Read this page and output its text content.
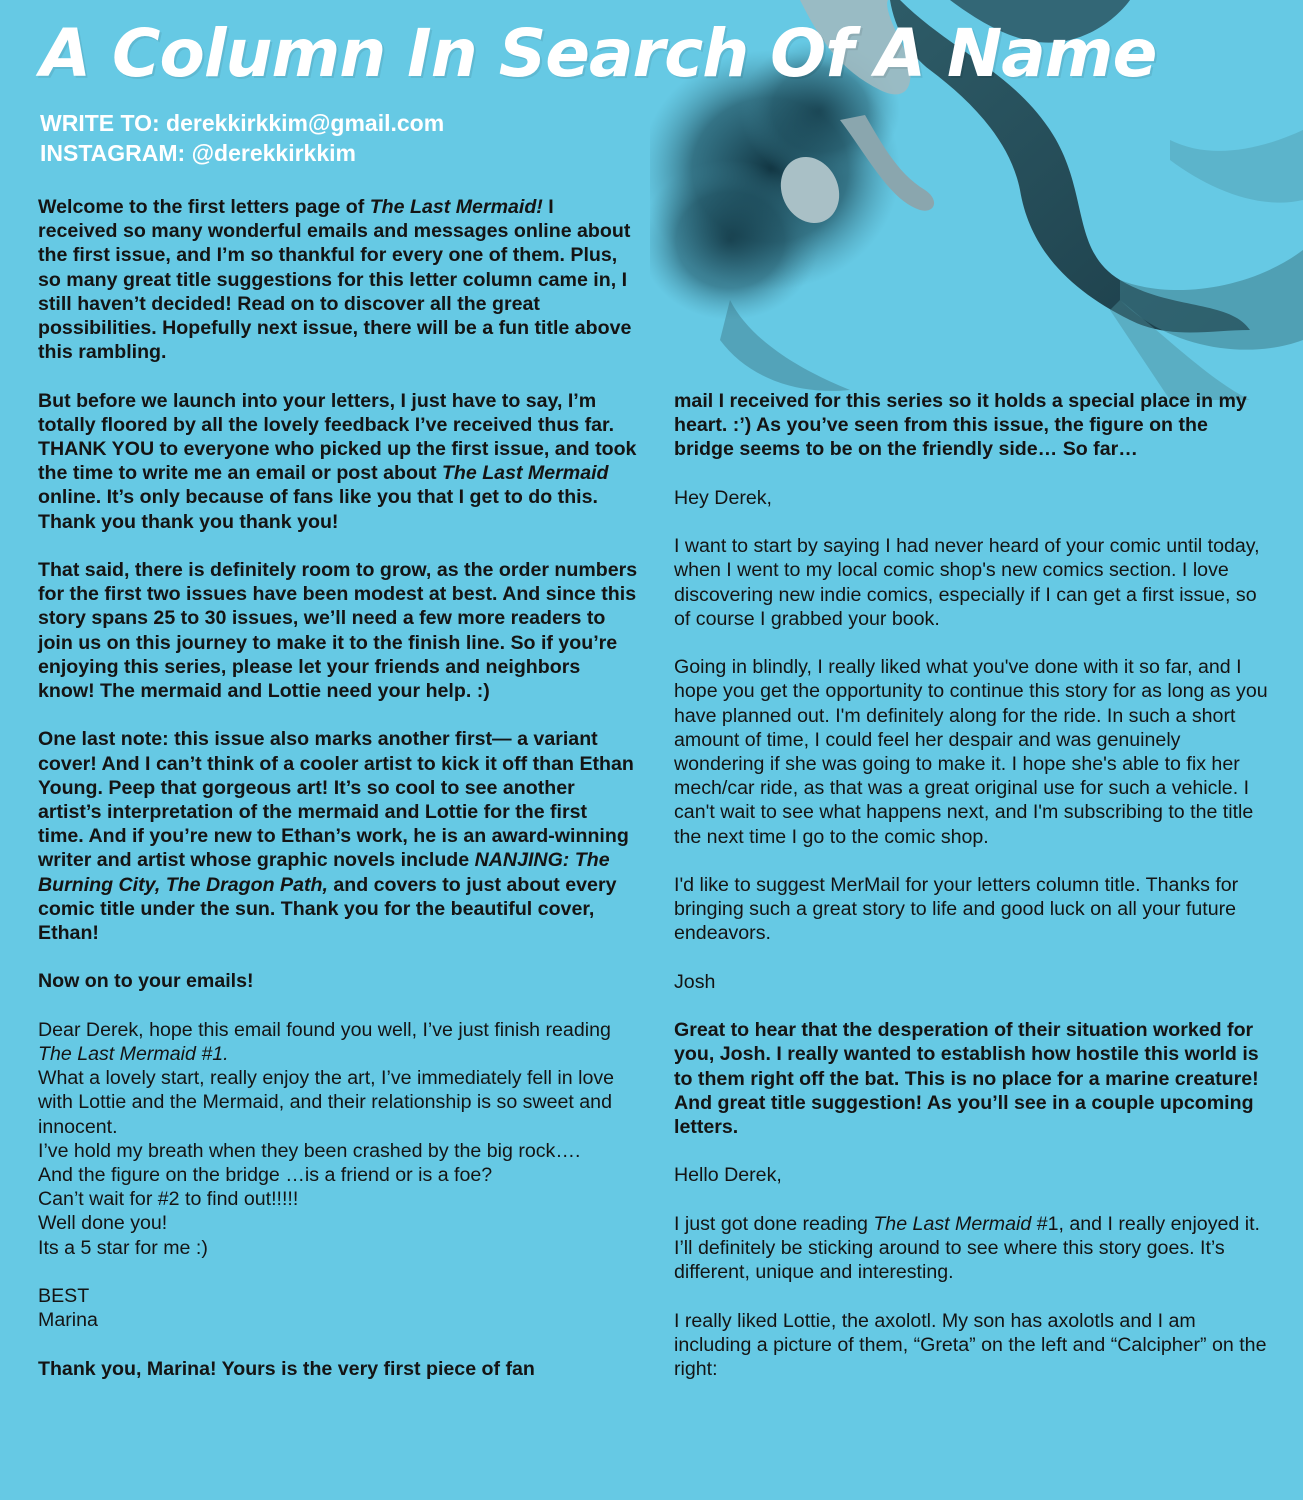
A Column In Search Of A Name
WRITE TO: derekkirkkim@gmail.com
INSTAGRAM: @derekkirkkim

Welcome to the first letters page of The Last Mermaid! I received so many wonderful emails and messages online about the first issue, and I’m so thankful for every one of them. Plus, so many great title suggestions for this letter column came in, I still haven’t decided! Read on to discover all the great possibilities. Hopefully next issue, there will be a fun title above this rambling.

But before we launch into your letters, I just have to say, I’m totally floored by all the lovely feedback I’ve received thus far. THANK YOU to everyone who picked up the first issue, and took the time to write me an email or post about The Last Mermaid online. It’s only because of fans like you that I get to do this. Thank you thank you thank you!

That said, there is definitely room to grow, as the order numbers for the first two issues have been modest at best. And since this story spans 25 to 30 issues, we’ll need a few more readers to join us on this journey to make it to the finish line. So if you’re enjoying this series, please let your friends and neighbors know! The mermaid and Lottie need your help. :)

One last note: this issue also marks another first— a variant cover! And I can’t think of a cooler artist to kick it off than Ethan Young. Peep that gorgeous art! It’s so cool to see another artist’s interpretation of the mermaid and Lottie for the first time. And if you’re new to Ethan’s work, he is an award-winning writer and artist whose graphic novels include NANJING: The Burning City, The Dragon Path, and covers to just about every comic title under the sun. Thank you for the beautiful cover, Ethan!

Now on to your emails!

Dear Derek, hope this email found you well, I’ve just finish reading The Last Mermaid #1.

What a lovely start, really enjoy the art, I’ve immediately fell in love with Lottie and the Mermaid, and their relationship is so sweet and innocent.

I’ve hold my breath when they been crashed by the big rock….

And the figure on the bridge …is a friend or is a foe?

Can’t wait for #2 to find out!!!!!

Well done you!

Its a 5 star for me :)

BEST

Marina

Thank you, Marina! Yours is the very first piece of fan

mail I received for this series so it holds a special place in my heart. :’) As you’ve seen from this issue, the figure on the bridge seems to be on the friendly side… So far…

Hey Derek,

I want to start by saying I had never heard of your comic until today, when I went to my local comic shop's new comics section. I love discovering new indie comics, especially if I can get a first issue, so of course I grabbed your book.

Going in blindly, I really liked what you've done with it so far, and I hope you get the opportunity to continue this story for as long as you have planned out. I'm definitely along for the ride. In such a short amount of time, I could feel her despair and was genuinely wondering if she was going to make it. I hope she's able to fix her mech/car ride, as that was a great original use for such a vehicle. I can't wait to see what happens next, and I'm subscribing to the title the next time I go to the comic shop.

I'd like to suggest MerMail for your letters column title. Thanks for bringing such a great story to life and good luck on all your future endeavors.

Josh

Great to hear that the desperation of their situation worked for you, Josh. I really wanted to establish how hostile this world is to them right off the bat. This is no place for a marine creature! And great title suggestion! As you’ll see in a couple upcoming letters.

Hello Derek,

I just got done reading The Last Mermaid #1, and I really enjoyed it. I’ll definitely be sticking around to see where this story goes. It’s different, unique and interesting.

I really liked Lottie, the axolotl. My son has axolotls and I am including a picture of them, “Greta” on the left and “Calcipher” on the right:
